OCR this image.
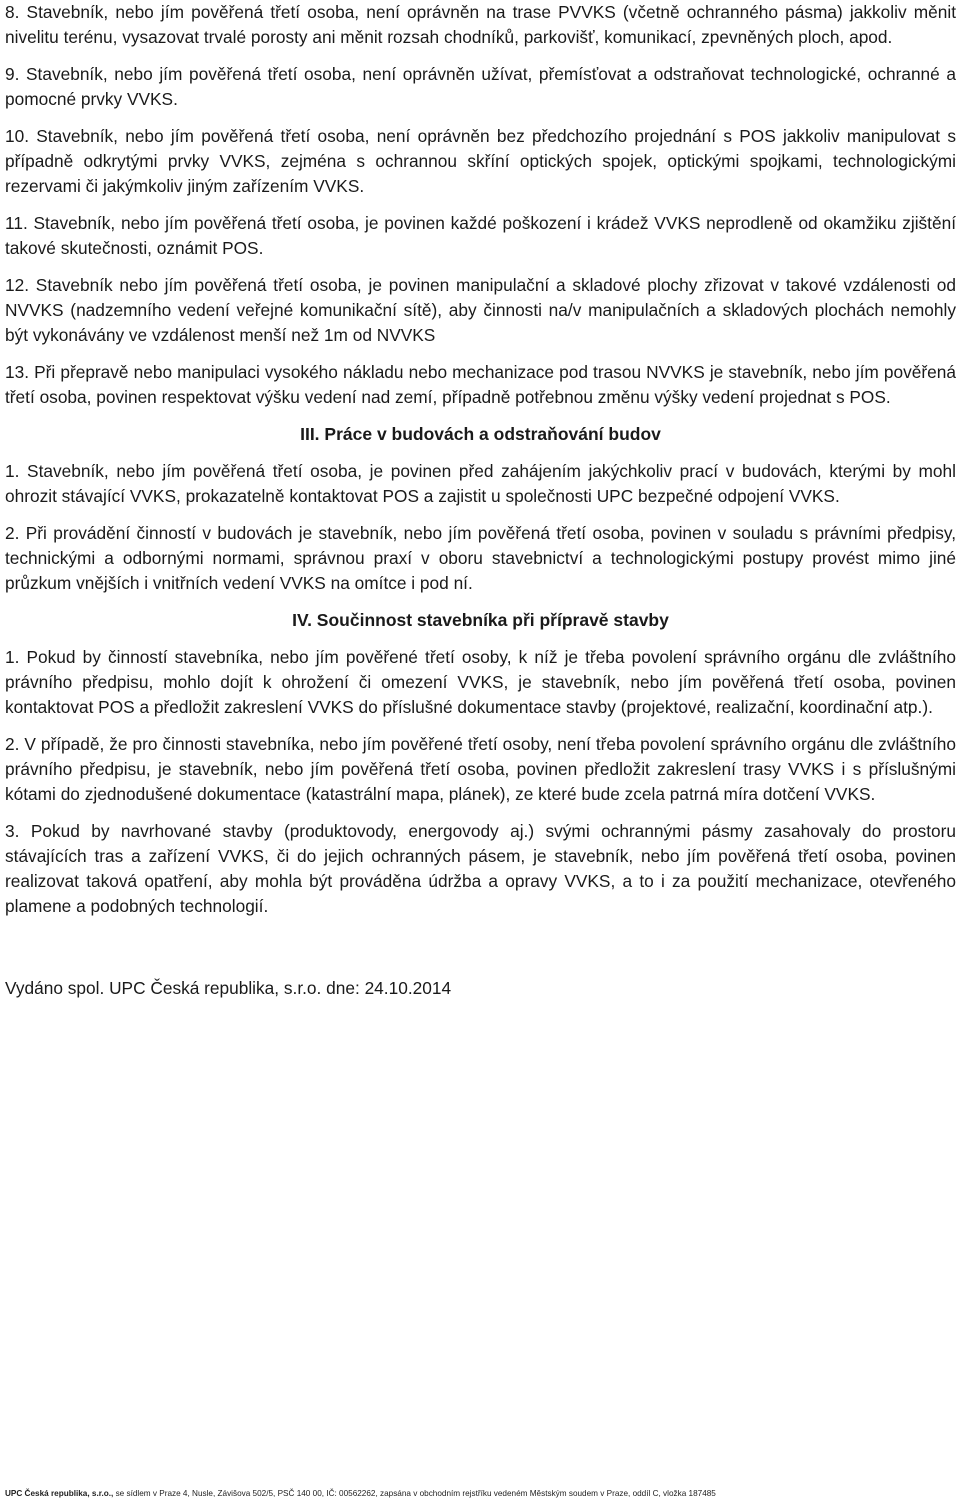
8. Stavebník, nebo jím pověřená třetí osoba, není oprávněn na trase PVVKS (včetně ochranného pásma) jakkoliv měnit nivelitu terénu, vysazovat trvalé porosty ani měnit rozsah chodníků, parkovišť, komunikací, zpevněných ploch, apod.

9. Stavebník, nebo jím pověřená třetí osoba, není oprávněn užívat, přemísťovat a odstraňovat technologické, ochranné a pomocné prvky VVKS.

10. Stavebník, nebo jím pověřená třetí osoba, není oprávněn bez předchozího projednání s POS jakkoliv manipulovat s případně odkrytými prvky VVKS, zejména s ochrannou skříní optických spojek, optickými spojkami, technologickými rezervami či jakýmkoliv jiným zařízením VVKS.

11. Stavebník, nebo jím pověřená třetí osoba, je povinen každé poškození i krádež VVKS neprodleně od okamžiku zjištění takové skutečnosti, oznámit POS.

12. Stavebník nebo jím pověřená třetí osoba, je povinen manipulační a skladové plochy zřizovat v takové vzdálenosti od NVVKS (nadzemního vedení veřejné komunikační sítě), aby činnosti na/v manipulačních a skladových plochách nemohly být vykonávány ve vzdálenost menší než 1m od NVVKS

13. Při přepravě nebo manipulaci vysokého nákladu nebo mechanizace pod trasou NVVKS je stavebník, nebo jím pověřená třetí osoba, povinen respektovat výšku vedení nad zemí, případně potřebnou změnu výšky vedení projednat s POS.

III. Práce v budovách a odstraňování budov

1. Stavebník, nebo jím pověřená třetí osoba, je povinen před zahájením jakýchkoliv prací v budovách, kterými by mohl ohrozit stávající VVKS, prokazatelně kontaktovat POS a zajistit u společnosti UPC bezpečné odpojení VVKS.

2. Při provádění činností v budovách je stavebník, nebo jím pověřená třetí osoba, povinen v souladu s právními předpisy, technickými a odbornými normami, správnou praxí v oboru stavebnictví a technologickými postupy provést mimo jiné průzkum vnějších i vnitřních vedení VVKS na omítce i pod ní.

IV. Součinnost stavebníka při přípravě stavby

1. Pokud by činností stavebníka, nebo jím pověřené třetí osoby, k níž je třeba povolení správního orgánu dle zvláštního právního předpisu, mohlo dojít k ohrožení či omezení VVKS, je stavebník, nebo jím pověřená třetí osoba, povinen kontaktovat POS a předložit zakreslení VVKS do příslušné dokumentace stavby (projektové, realizační, koordinační atp.).

2. V případě, že pro činnosti stavebníka, nebo jím pověřené třetí osoby, není třeba povolení správního orgánu dle zvláštního právního předpisu, je stavebník, nebo jím pověřená třetí osoba, povinen předložit zakreslení trasy VVKS i s příslušnými kótami do zjednodušené dokumentace (katastrální mapa, plánek), ze které bude zcela patrná míra dotčení VVKS.

3. Pokud by navrhované stavby (produktovody, energovody aj.) svými ochrannými pásmy zasahovaly do prostoru stávajících tras a zařízení VVKS, či do jejich ochranných pásem, je stavebník, nebo jím pověřená třetí osoba, povinen realizovat taková opatření, aby mohla být prováděna údržba a opravy VVKS, a to i za použití mechanizace, otevřeného plamene a podobných technologií.

Vydáno spol. UPC Česká republika, s.r.o. dne: 24.10.2014

UPC Česká republika, s.r.o., se sídlem v Praze 4, Nusle, Závišova 502/5, PSČ 140 00, IČ: 00562262, zapsána v obchodním rejstříku vedeném Městským soudem v Praze, oddíl C, vložka 187485
